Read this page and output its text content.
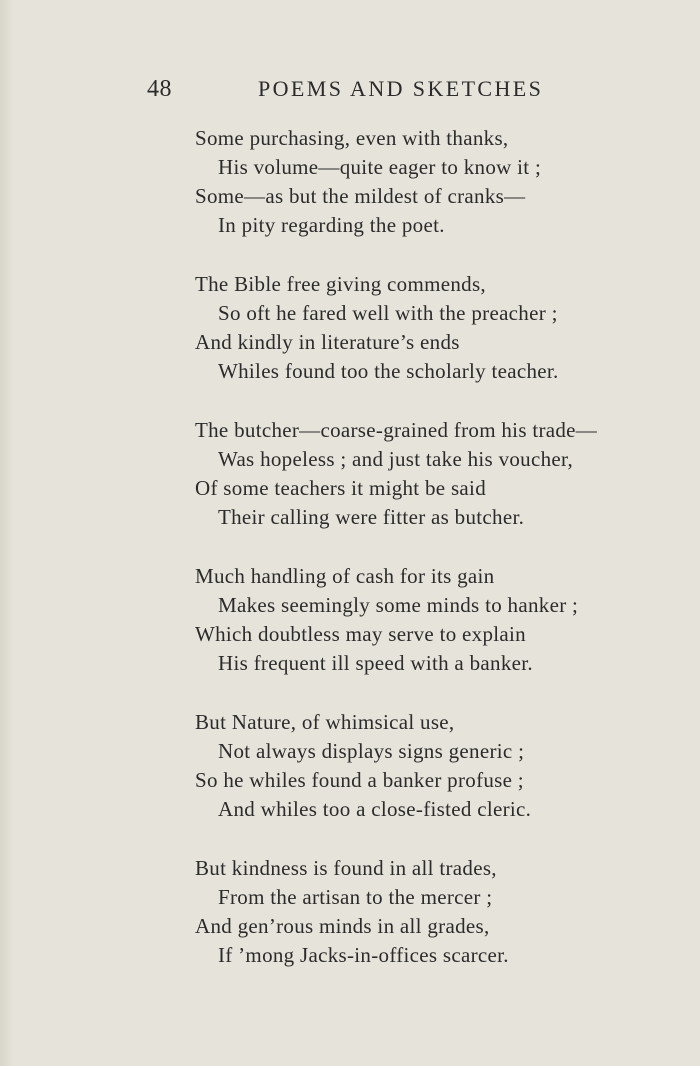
48	POEMS AND SKETCHES
Some purchasing, even with thanks,
His volume—quite eager to know it ;
Some—as but the mildest of cranks—
In pity regarding the poet.
The Bible free giving commends,
So oft he fared well with the preacher ;
And kindly in literature’s ends
Whiles found too the scholarly teacher.
The butcher—coarse-grained from his trade—
Was hopeless ; and just take his voucher,
Of some teachers it might be said
Their calling were fitter as butcher.
Much handling of cash for its gain
Makes seemingly some minds to hanker ;
Which doubtless may serve to explain
His frequent ill speed with a banker.
But Nature, of whimsical use,
Not always displays signs generic ;
So he whiles found a banker profuse ;
And whiles too a close-fisted cleric.
But kindness is found in all trades,
From the artisan to the mercer ;
And gen’rous minds in all grades,
If ’mong Jacks-in-offices scarcer.
